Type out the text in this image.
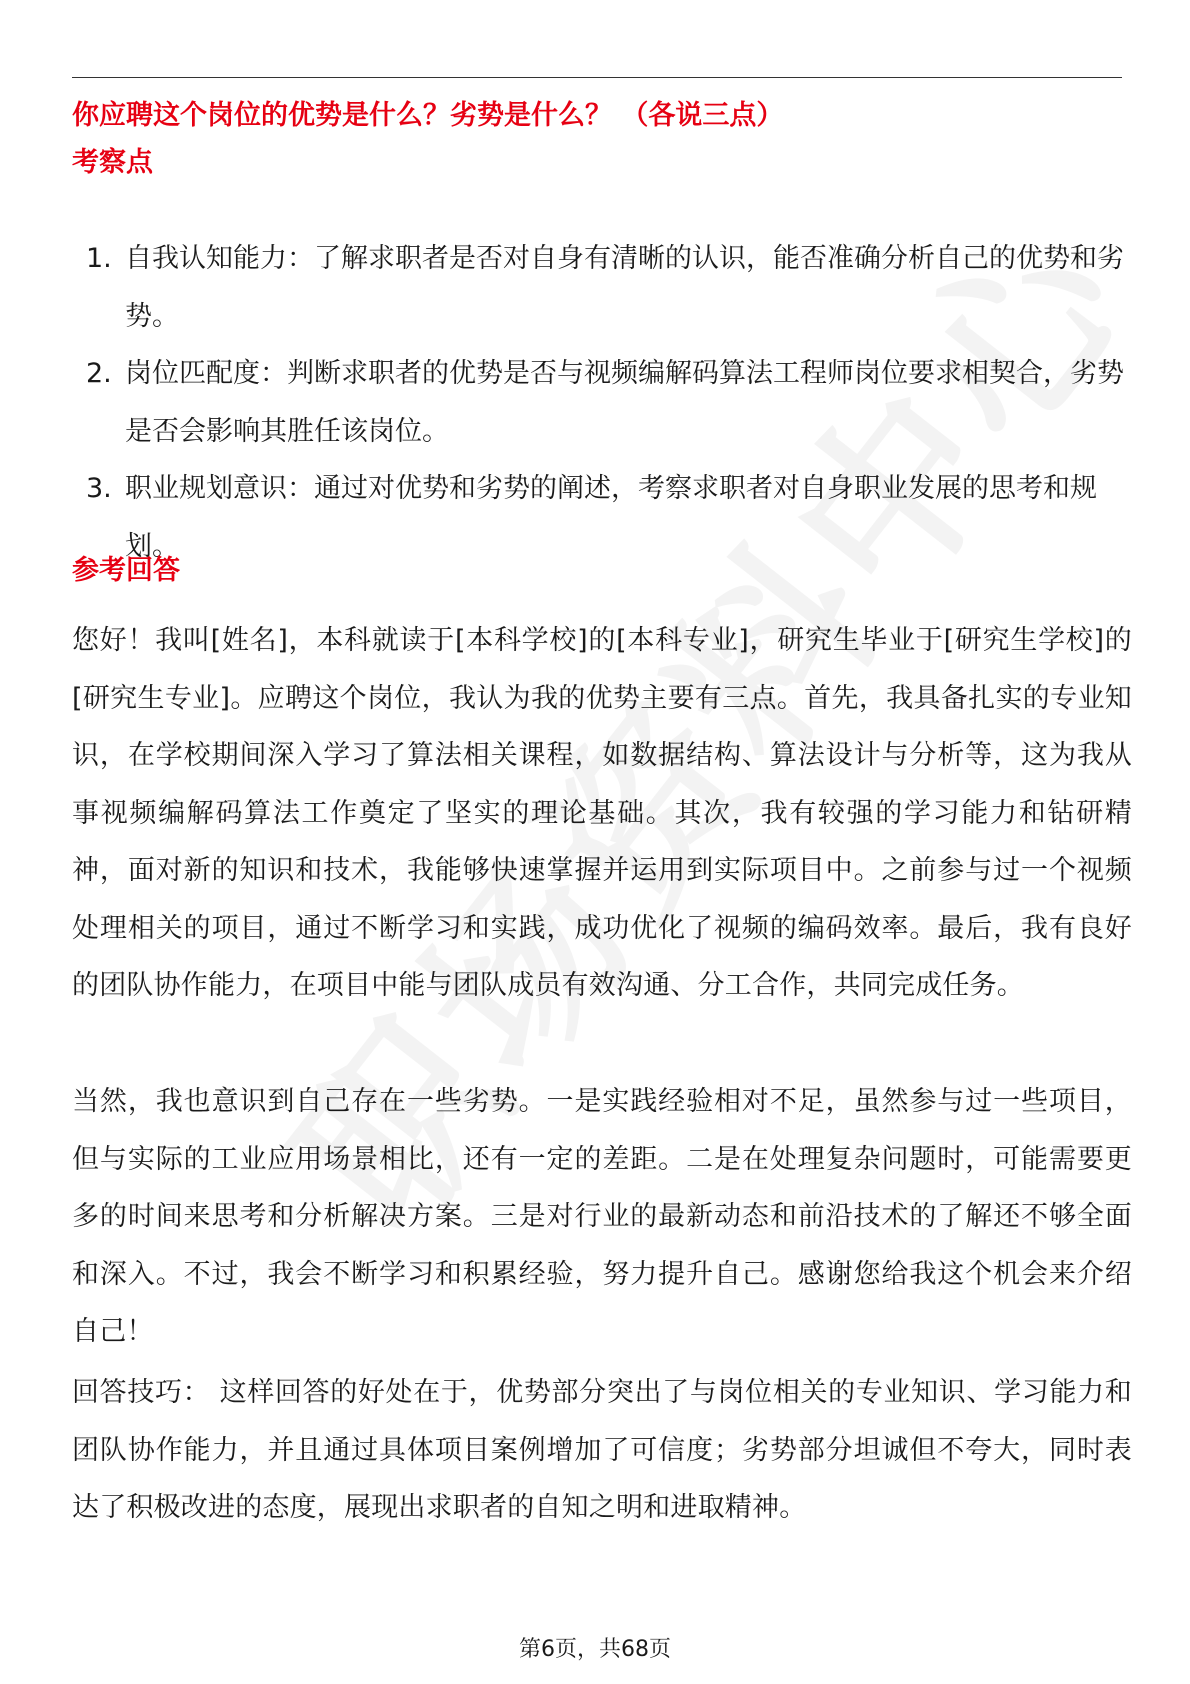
你应聘这个岗位的优势是什么？劣势是什么？ （各说三点）
考察点
1. 自我认知能力：了解求职者是否对自身有清晰的认识，能否准确分析自己的优势和劣势。
2. 岗位匹配度：判断求职者的优势是否与视频编解码算法工程师岗位要求相契合，劣势是否会影响其胜任该岗位。
3. 职业规划意识：通过对优势和劣势的阐述，考察求职者对自身职业发展的思考和规划。
参考回答
您好！我叫[姓名]，本科就读于[本科学校]的[本科专业]，研究生毕业于[研究生学校]的[研究生专业]。应聘这个岗位，我认为我的优势主要有三点。首先，我具备扎实的专业知识，在学校期间深入学习了算法相关课程，如数据结构、算法设计与分析等，这为我从事视频编解码算法工作奠定了坚实的理论基础。其次，我有较强的学习能力和钻研精神，面对新的知识和技术，我能够快速掌握并运用到实际项目中。之前参与过一个视频处理相关的项目，通过不断学习和实践，成功优化了视频的编码效率。最后，我有良好的团队协作能力，在项目中能与团队成员有效沟通、分工合作，共同完成任务。
当然，我也意识到自己存在一些劣势。一是实践经验相对不足，虽然参与过一些项目，但与实际的工业应用场景相比，还有一定的差距。二是在处理复杂问题时，可能需要更多的时间来思考和分析解决方案。三是对行业的最新动态和前沿技术的了解还不够全面和深入。不过，我会不断学习和积累经验，努力提升自己。感谢您给我这个机会来介绍自己！
回答技巧： 这样回答的好处在于，优势部分突出了与岗位相关的专业知识、学习能力和团队协作能力，并且通过具体项目案例增加了可信度；劣势部分坦诚但不夸大，同时表达了积极改进的态度，展现出求职者的自知之明和进取精神。
第6页，共68页
